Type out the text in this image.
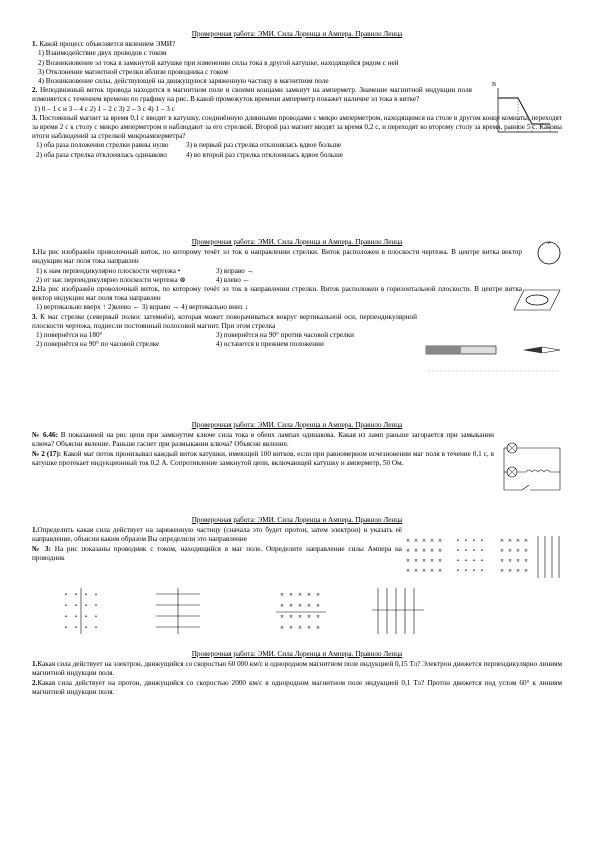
Проверочная работа: ЭМИ. Сила Лоренца и Ампера. Правило Ленца
1. Какой процесс объясняется явлением ЭМИ?
1) Взаимодействие двух проводов с током
2) Возникновение эл тока в замкнутой катушке при изменении силы тока в другой катушке, находящейся рядом с ней
3) Отклонение магнитной стрелки вблизи проводника с током
4) Возникновение силы, действующей на движущуюся заряженную частицу в магнитном поле
2. Неподвижный виток провода находится в магнитном поле и своими концами замкнут на амперметр. Значение магнитной индукции поля изменяется с течением времени по графику на рис. В какой промежуток времени амперметр покажет наличие эл тока в витке?
1) 0 – 1 с и 3 – 4 с 2) 1 – 2 с 3) 2 – 3 с 4) 1 – 3 с
3. Постоянный магнит за время 0,1 с вводят в катушку, соединённую длинными проводами с микро амперметром, находящимся на столе в другом конце комнаты, переходят за время 2 с к столу с микро амперметром и наблюдают за его стрелкой. Второй раз магнит вводят за время 0,2 с, и переходят ко второму столу за время, равное 5 с. Каковы итоги наблюдений за стрелкой микроамперметра?
1) оба раза положения стрелки равны нулю	3) в первый раз стрелка отклонялась вдвое больше
2) оба раза стрелка отклонялась одинаково	4) во второй раз стрелка отклонялась вдвое больше
B
Проверочная работа: ЭМИ. Сила Лоренца и Ампера. Правило Ленца
1.На рис изображён проволочный виток, по которому течёт эл ток в направлении стрелки. Виток расположен в плоскости чертежа. В центре витка вектор индукции маг поля тока направлен
1) к нам перпендикулярно плоскости чертежа •	3) вправо →
2) от нас перпендикулярно плоскости чертежа ⊗	4) влево ←
2.На рис изображён проволочный виток, по которому течёт эл ток в направлении стрелки. Виток расположен в горизонтальной плоскости. В центре витка вектор индукции маг поля тока направлен
1) вертикально вверх ↑ 2)влево ← 3) вправо → 4) вертикально вниз ↓
3. К маг стрелке (северный полюс затемнён), которая может поворачиваться вокруг вертикальной оси, перпендикулярной плоскости чертежа, поднесли постоянный полосовой магнит. При этом стрелка
1) повернётся на 180°	3) повернётся на 90° против часовой стрелки
2) повернётся на 90° по часовой стрелке	4) останется в прежнем положении
Проверочная работа: ЭМИ. Сила Лоренца и Ампера. Правило Ленца
№ 6.46: В показанной на рис цепи при замкнутом ключе сила тока в обеих лампах одинакова. Какая из ламп раньше загорается при замыкании ключа? Объясни явление. Раньше гаснет при размыкании ключа? Объясни явление.
№ 2 (17): Какой маг поток пронизывал каждый виток катушки, имеющей 100 витков, если при равномерном исчезновении маг поля в течение 0,1 с, в катушке протекает индукционный ток 0,2 А. Сопротивление замкнутой цепи, включающей катушку и амперметр, 50 Ом.
Проверочная работа: ЭМИ. Сила Лоренца и Ампера. Правило Ленца
1.Определить какая сила действует на заряженную частицу (сначала это будет протон, затем электрон) и указать её направление, объясни каким образом Вы определили это направление
№ 3: На рис показаны проводник с током, находящийся в маг поле. Определите направление силы Ампера на проводник
× × × × ×
× × × × ×
× × × × ×
× × × × ×
• • • •
• • • •
• • • •
• • • •
× × × ×
× × × ×
× × × ×
× × × ×
• • • •
• • • •
• • • •
• • • •
× × × × ×
× × × × ×
× × × × ×
× × × × ×
Проверочная работа: ЭМИ. Сила Лоренца и Ампера. Правило Ленца
1.Какая сила действует на электрон, движущийся со скоростью 60 000 км/с в однородном магнитном поле индукцией 0,15 Тл? Электрон движется перпендикулярно линиям магнитной индукции поля.
2.Какая сила действует на протон, движущийся со скоростью 2000 км/с в однородном магнитном поле индукцией 0,1 Тл? Протон движется под углом 60° к линиям магнитной индукции поля.
